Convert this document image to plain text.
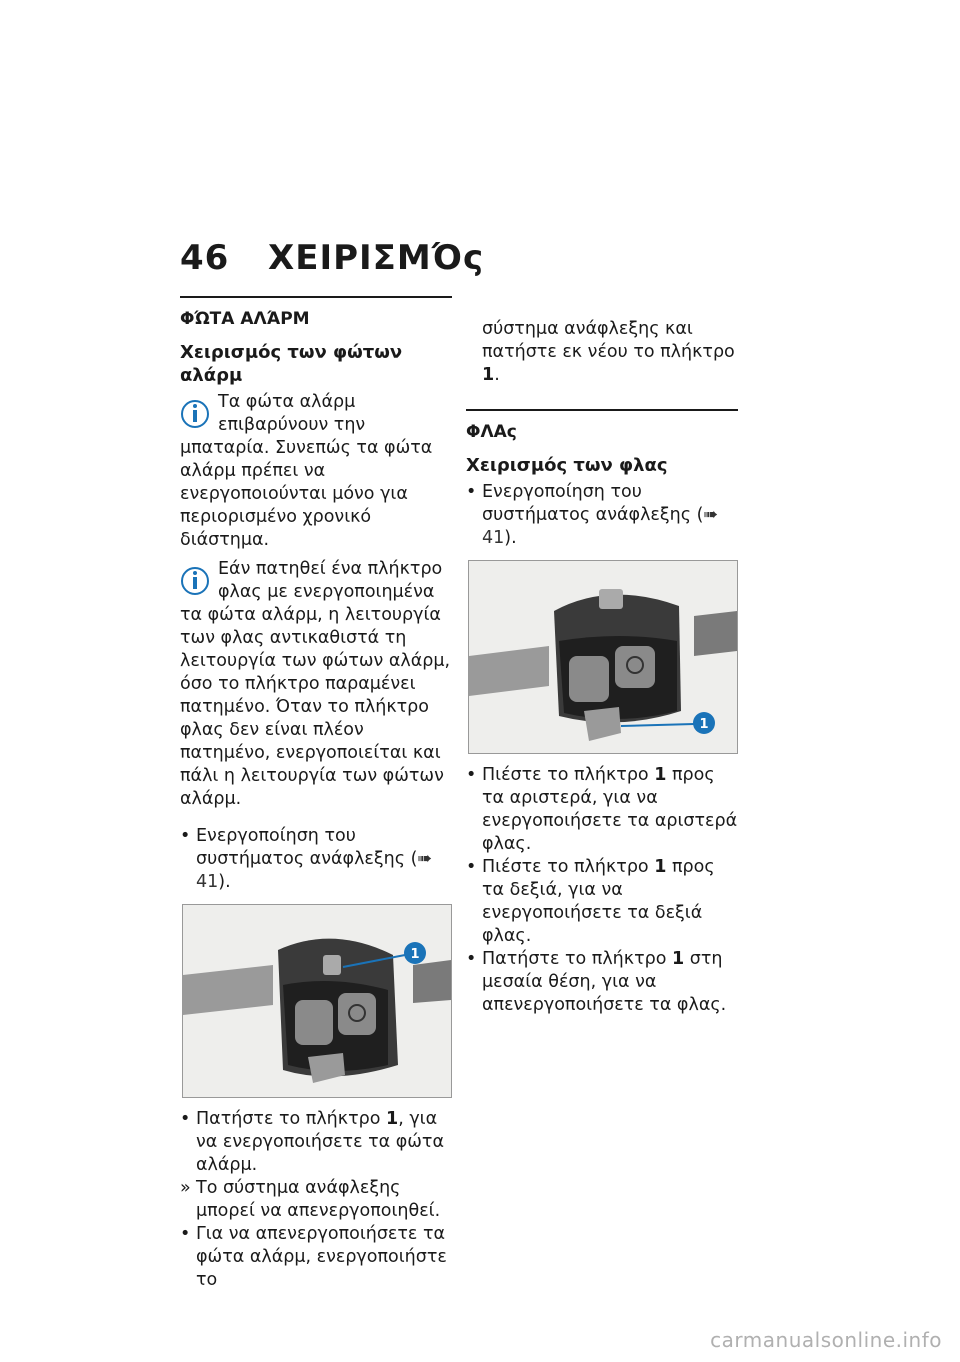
46 ΧΕΙΡΙΣΜΌς
ΦΏΤΑ ΑΛΆΡΜ
Χειρισμός των φώτων αλάρμ

Τα φώτα αλάρμ επιβαρύνουν την μπαταρία. Συνεπώς τα φώτα αλάρμ πρέπει να ενεργοποιούνται μόνο για περιορισμένο χρονικό διάστημα.

Εάν πατηθεί ένα πλήκτρο φλας με ενεργοποιημένα τα φώτα αλάρμ, η λειτουργία των φλας αντικαθιστά τη λειτουργία των φώτων αλάρμ, όσο το πλήκτρο παραμένει πατημένο. Όταν το πλήκτρο φλας δεν είναι πλέον πατημένο, ενεργοποιείται και πάλι η λειτουργία των φώτων αλάρμ.

• Ενεργοποίηση του συστήματος ανάφλεξης (➠ 41).
1
• Πατήστε το πλήκτρο 1, για να ενεργοποιήσετε τα φώτα αλάρμ.
» Το σύστημα ανάφλεξης μπορεί να απενεργοποιηθεί.
• Για να απενεργοποιήσετε τα φώτα αλάρμ, ενεργοποιήστε το
σύστημα ανάφλεξης και πατήστε εκ νέου το πλήκτρο 1.
ΦΛΑς
Χειρισμός των φλας
• Ενεργοποίηση του συστήματος ανάφλεξης (➠ 41).
1
• Πιέστε το πλήκτρο 1 προς τα αριστερά, για να ενεργοποιήσετε τα αριστερά φλας.
• Πιέστε το πλήκτρο 1 προς τα δεξιά, για να ενεργοποιήσετε τα δεξιά φλας.
• Πατήστε το πλήκτρο 1 στη μεσαία θέση, για να απενεργοποιήσετε τα φλας.
carmanualsonline.info
